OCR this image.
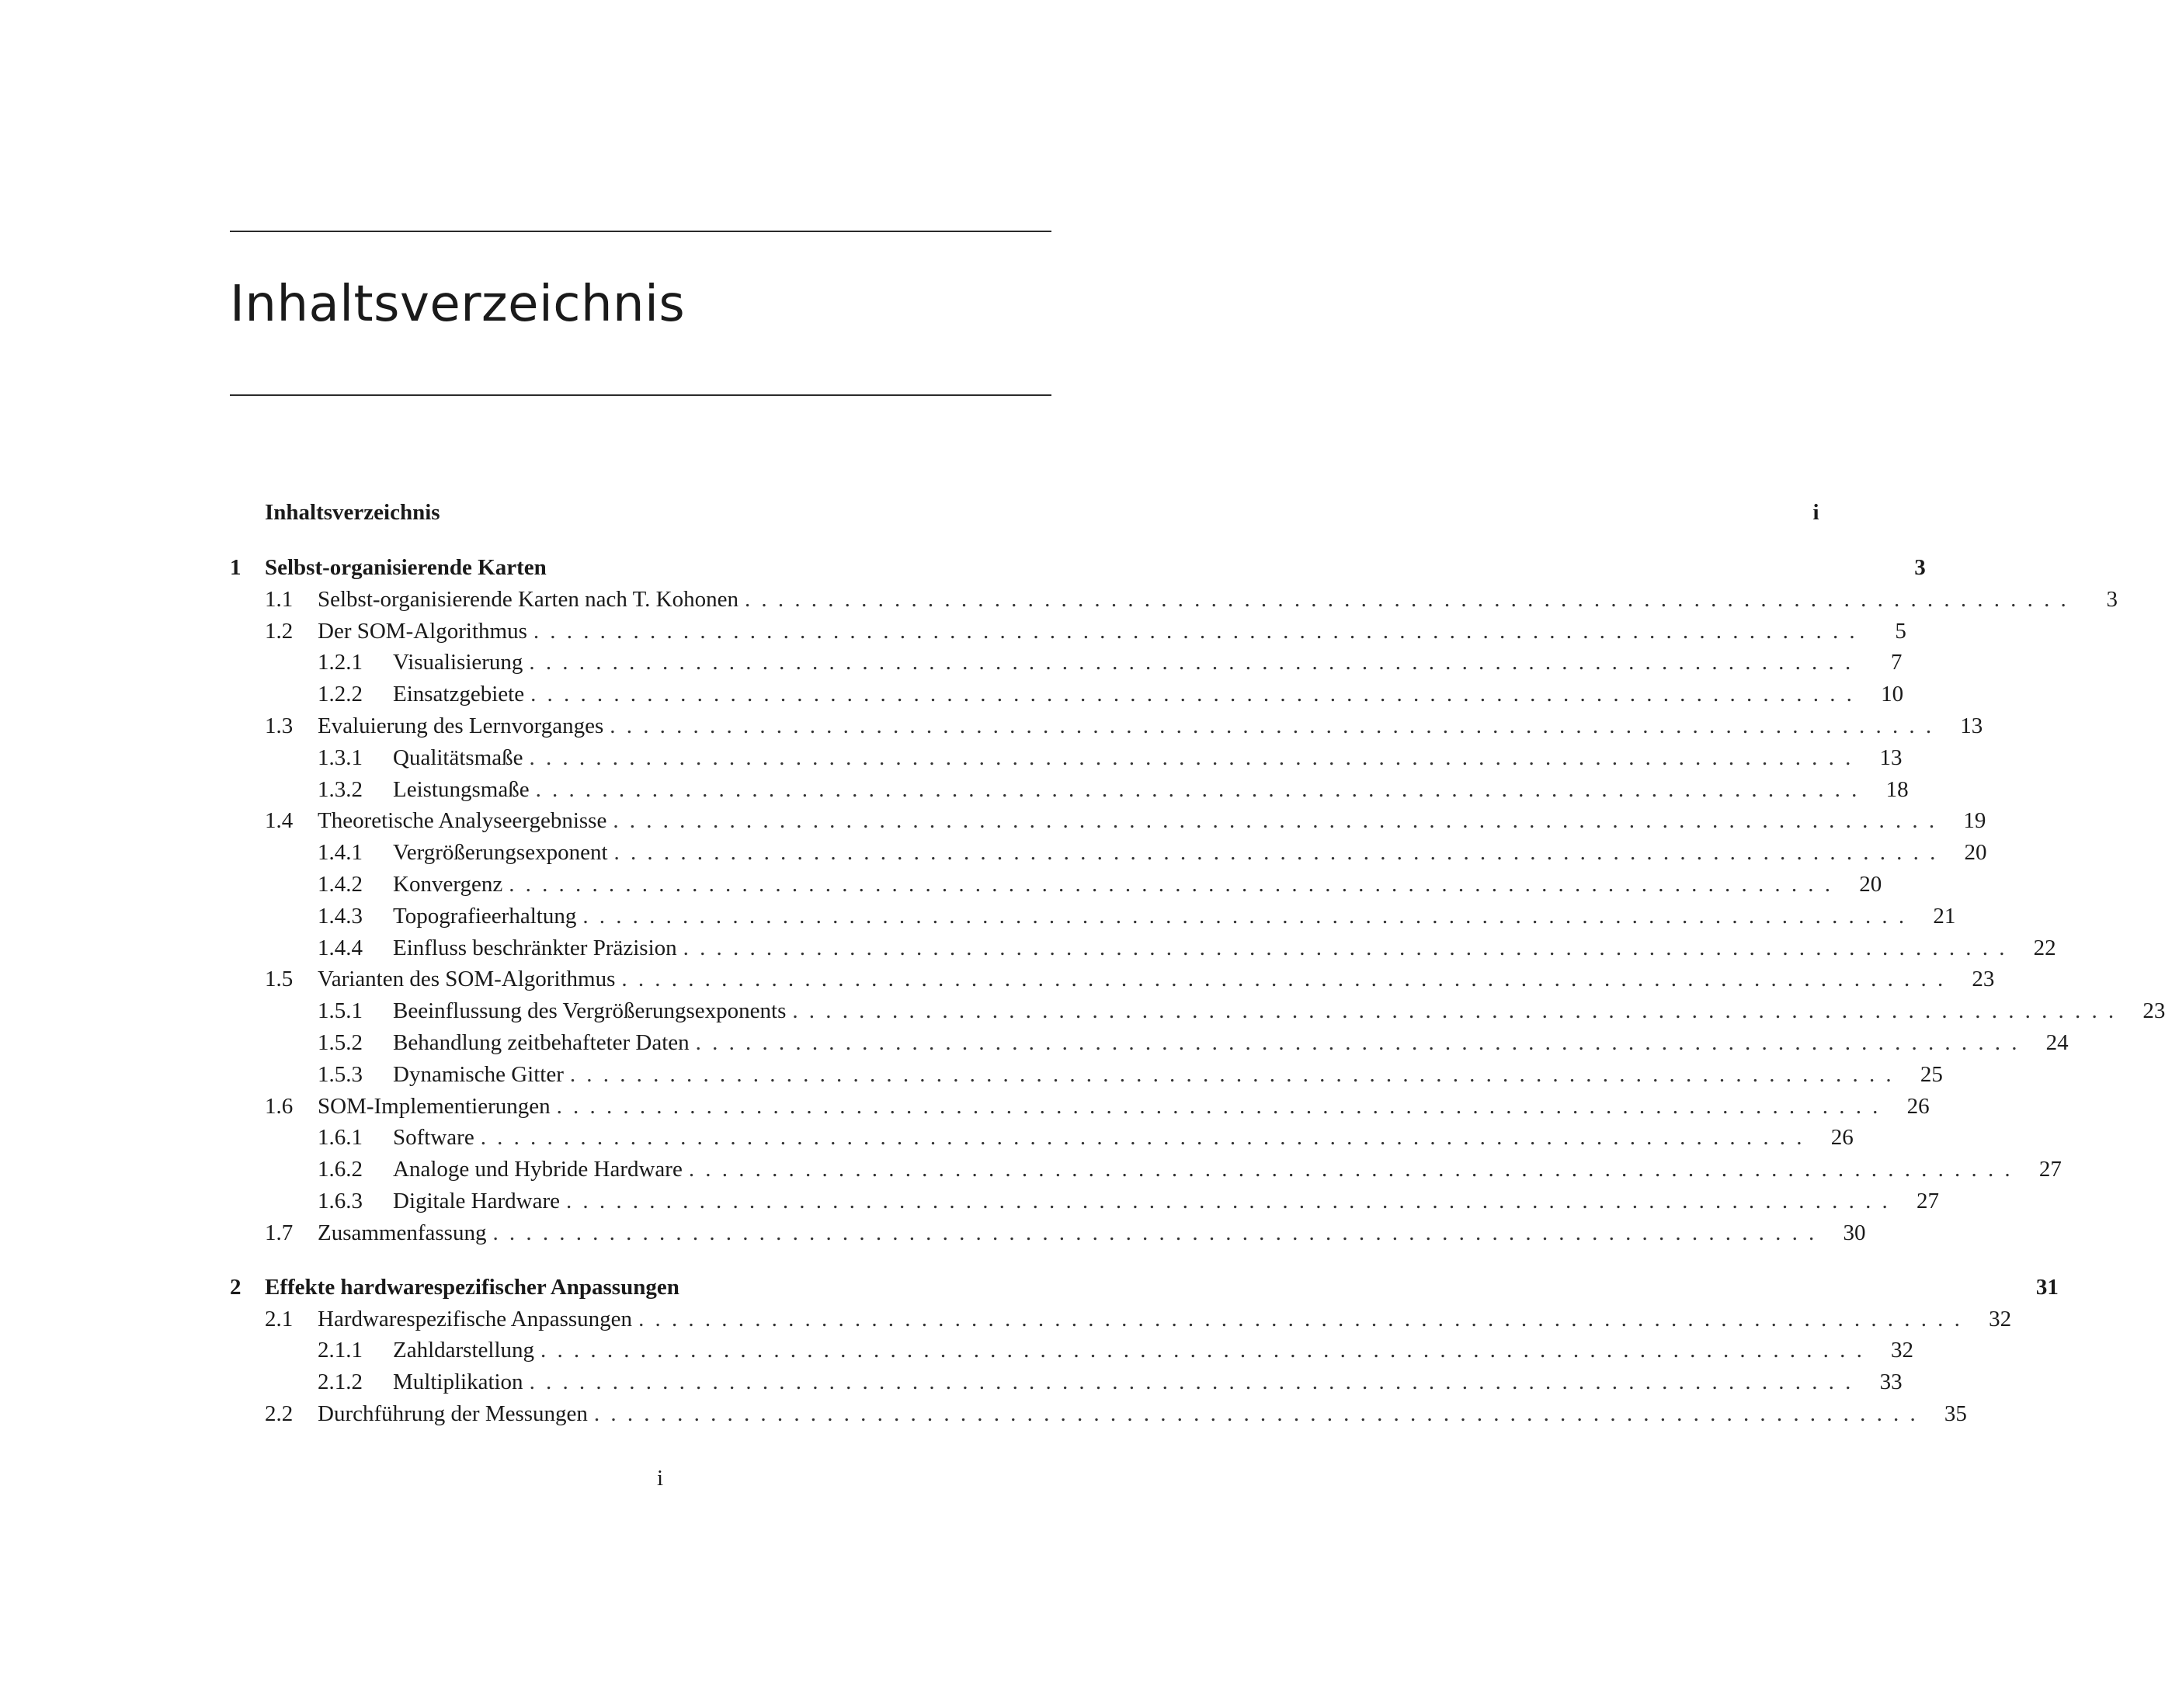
Inhaltsverzeichnis
Inhaltsverzeichnis	i
1	Selbst-organisierende Karten	3
1.1	Selbst-organisierende Karten nach T. Kohonen ................................................................................	3
1.2	Der SOM-Algorithmus ................................................................................	5
1.2.1	Visualisierung ................................................................................	7
1.2.2	Einsatzgebiete ................................................................................ 10
1.3	Evaluierung des Lernvorganges ................................................................................ 13
1.3.1	Qualitätsmaße ................................................................................ 13
1.3.2	Leistungsmaße ................................................................................ 18
1.4	Theoretische Analyseergebnisse ................................................................................ 19
1.4.1	Vergrößerungsexponent ................................................................................ 20
1.4.2	Konvergenz ................................................................................ 20
1.4.3	Topografieerhaltung ................................................................................ 21
1.4.4	Einfluss beschränkter Präzision ................................................................................ 22
1.5	Varianten des SOM-Algorithmus ................................................................................ 23
1.5.1	Beeinflussung des Vergrößerungsexponents ................................................................................ 23
1.5.2	Behandlung zeitbehafteter Daten ................................................................................ 24
1.5.3	Dynamische Gitter ................................................................................ 25
1.6	SOM-Implementierungen ................................................................................ 26
1.6.1	Software ................................................................................ 26
1.6.2	Analoge und Hybride Hardware ................................................................................ 27
1.6.3	Digitale Hardware ................................................................................ 27
1.7	Zusammenfassung ................................................................................ 30
2	Effekte hardwarespezifischer Anpassungen	31
2.1	Hardwarespezifische Anpassungen ................................................................................ 32
2.1.1	Zahldarstellung ................................................................................ 32
2.1.2	Multiplikation ................................................................................ 33
2.2	Durchführung der Messungen ................................................................................ 35
i
